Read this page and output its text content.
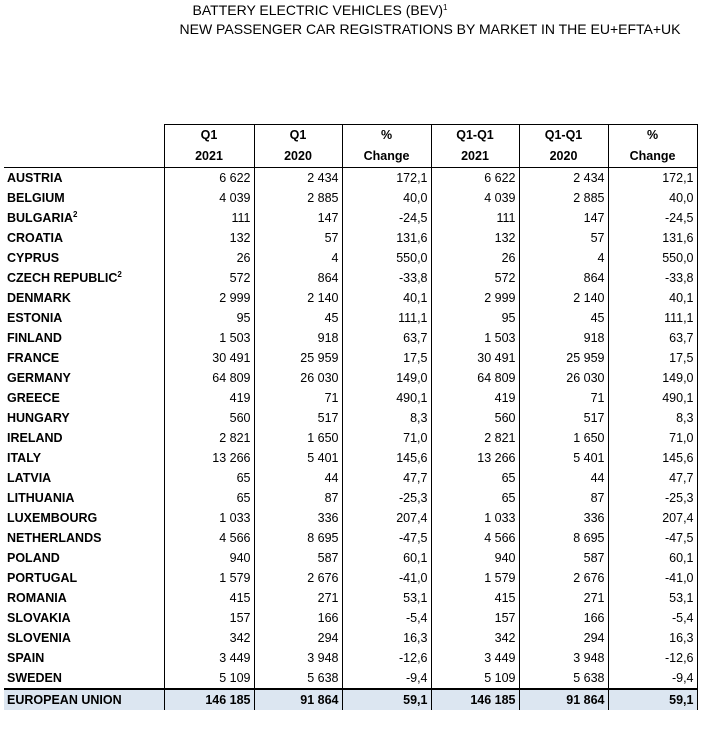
BATTERY ELECTRIC VEHICLES (BEV)$^1$
NEW PASSENGER CAR REGISTRATIONS BY MARKET IN THE EU+EFTA+UK
	Q1	Q1	%	Q1-Q1	Q1-Q1	%
	2021	2020	Change	2021	2020	Change
AUSTRIA	6 622	2 434	172,1	6 622	2 434	172,1
BELGIUM	4 039	2 885	40,0	4 039	2 885	40,0
BULGARIA$^2$	111	147	-24,5	111	147	-24,5
CROATIA	132	57	131,6	132	57	131,6
CYPRUS	26	4	550,0	26	4	550,0
CZECH REPUBLIC$^2$	572	864	-33,8	572	864	-33,8
DENMARK	2 999	2 140	40,1	2 999	2 140	40,1
ESTONIA	95	45	111,1	95	45	111,1
FINLAND	1 503	918	63,7	1 503	918	63,7
FRANCE	30 491	25 959	17,5	30 491	25 959	17,5
GERMANY	64 809	26 030	149,0	64 809	26 030	149,0
GREECE	419	71	490,1	419	71	490,1
HUNGARY	560	517	8,3	560	517	8,3
IRELAND	2 821	1 650	71,0	2 821	1 650	71,0
ITALY	13 266	5 401	145,6	13 266	5 401	145,6
LATVIA	65	44	47,7	65	44	47,7
LITHUANIA	65	87	-25,3	65	87	-25,3
LUXEMBOURG	1 033	336	207,4	1 033	336	207,4
NETHERLANDS	4 566	8 695	-47,5	4 566	8 695	-47,5
POLAND	940	587	60,1	940	587	60,1
PORTUGAL	1 579	2 676	-41,0	1 579	2 676	-41,0
ROMANIA	415	271	53,1	415	271	53,1
SLOVAKIA	157	166	-5,4	157	166	-5,4
SLOVENIA	342	294	16,3	342	294	16,3
SPAIN	3 449	3 948	-12,6	3 449	3 948	-12,6
SWEDEN	5 109	5 638	-9,4	5 109	5 638	-9,4
EUROPEAN UNION	146 185	91 864	59,1	146 185	91 864	59,1
